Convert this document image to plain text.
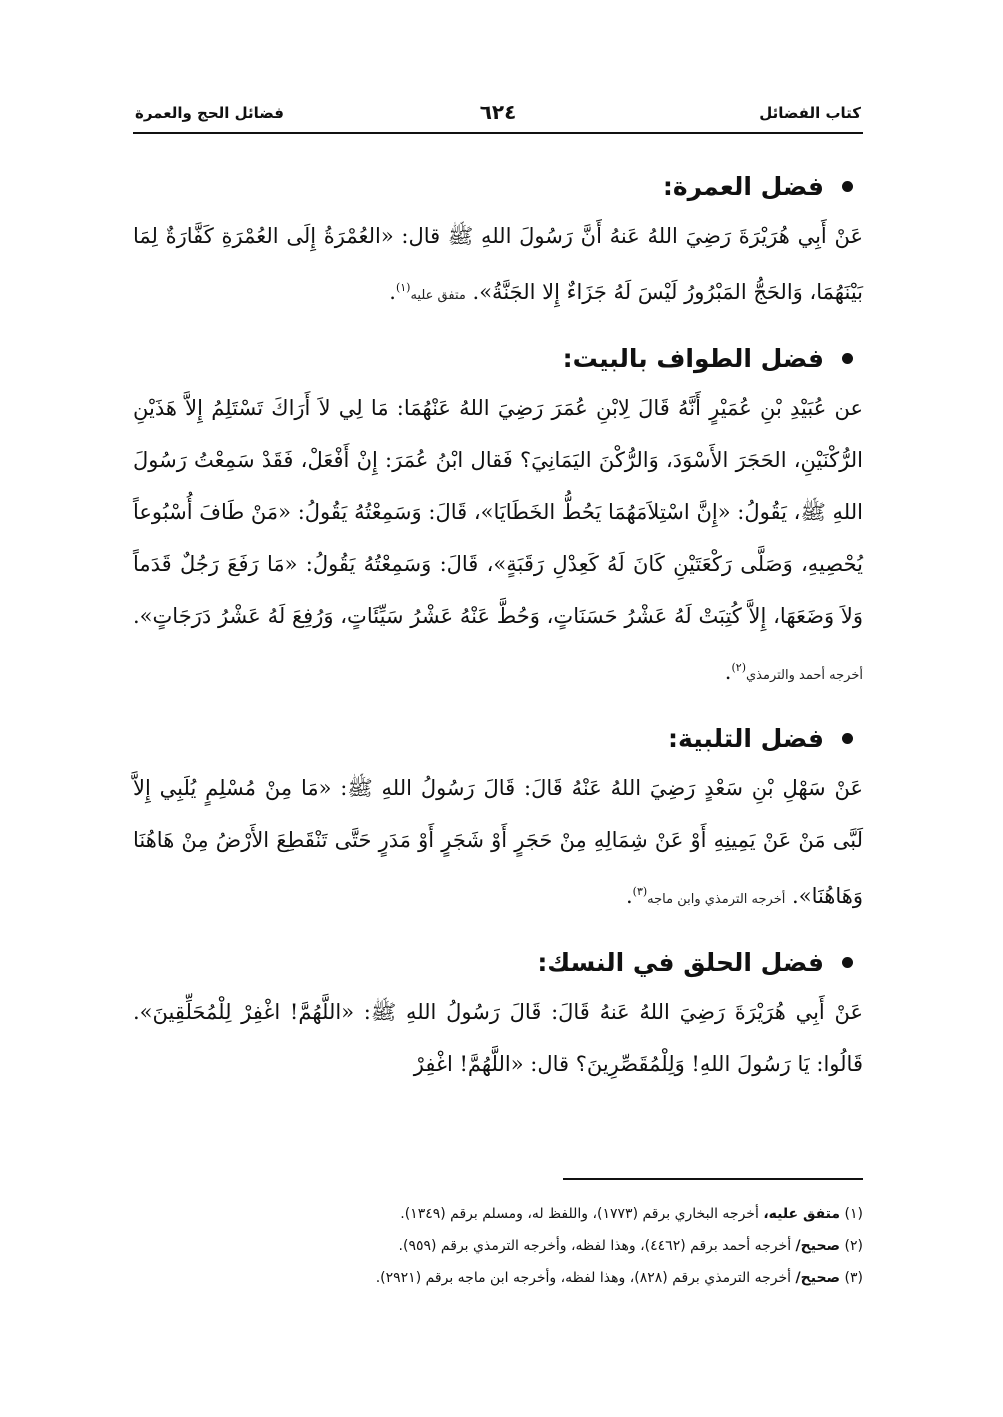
كتاب الفضائل
٦٢٤
فضائل الحج والعمرة
فضل العمرة:

عَنْ أَبِي هُرَيْرَةَ رَضِيَ اللهُ عَنهُ أَنَّ رَسُولَ اللهِ ﷺ قال: «العُمْرَةُ إِلَى العُمْرَةِ كَفَّارَةٌ لِمَا بَيْنَهُمَا، وَالحَجُّ المَبْرُورُ لَيْسَ لَهُ جَزَاءٌ إِلا الجَنَّةُ». متفق عليه$^{(١)}$.

فضل الطواف بالبيت:

عن عُبَيْدِ بْنِ عُمَيْرٍ أَنَّهُ قَالَ لِابْنِ عُمَرَ رَضِيَ اللهُ عَنْهُمَا: مَا لِي لاَ أَرَاكَ تَسْتَلِمُ إِلاَّ هَذَيْنِ الرُّكْنَيْنِ، الحَجَرَ الأَسْوَدَ، وَالرُّكْنَ اليَمَانِيَ؟ فَقال ابْنُ عُمَرَ: إِنْ أَفْعَلْ، فَقَدْ سَمِعْتُ رَسُولَ اللهِ ﷺ، يَقُولُ: «إِنَّ اسْتِلاَمَهُمَا يَحُطُّ الخَطَايَا»، قَالَ: وَسَمِعْتُهُ يَقُولُ: «مَنْ طَافَ أُسْبُوعاً يُحْصِيهِ، وَصَلَّى رَكْعَتَيْنِ كَانَ لَهُ كَعِدْلِ رَقَبَةٍ»، قَالَ: وَسَمِعْتُهُ يَقُولُ: «مَا رَفَعَ رَجُلٌ قَدَماً وَلاَ وَضَعَهَا، إِلاَّ كُتِبَتْ لَهُ عَشْرُ حَسَنَاتٍ، وَحُطَّ عَنْهُ عَشْرُ سَيِّئَاتٍ، وَرُفِعَ لَهُ عَشْرُ دَرَجَاتٍ». أخرجه أحمد والترمذي$^{(٢)}$.

فضل التلبية:

عَنْ سَهْلِ بْنِ سَعْدٍ رَضِيَ اللهُ عَنْهُ قَالَ: قَالَ رَسُولُ اللهِ ﷺ: «مَا مِنْ مُسْلِمٍ يُلَبِي إِلاَّ لَبَّى مَنْ عَنْ يَمِينِهِ أَوْ عَنْ شِمَالِهِ مِنْ حَجَرٍ أَوْ شَجَرٍ أَوْ مَدَرٍ حَتَّى تَنْقَطِعَ الأَرْضُ مِنْ هَاهُنَا وَهَاهُنَا». أخرجه الترمذي وابن ماجه$^{(٣)}$.

فضل الحلق في النسك:

عَنْ أَبِي هُرَيْرَةَ رَضِيَ اللهُ عَنهُ قَالَ: قَالَ رَسُولُ اللهِ ﷺ: «اللَّهُمَّ! اغْفِرْ لِلْمُحَلِّقِينَ». قَالُوا: يَا رَسُولَ اللهِ! وَلِلْمُقَصِّرِينَ؟ قال: «اللَّهُمَّ! اغْفِرْ

(١) متفق عليه، أخرجه البخاري برقم (١٧٧٣)، واللفظ له، ومسلم برقم (١٣٤٩).

(٢) صحيح/ أخرجه أحمد برقم (٤٤٦٢)، وهذا لفظه، وأخرجه الترمذي برقم (٩٥٩).

(٣) صحيح/ أخرجه الترمذي برقم (٨٢٨)، وهذا لفظه، وأخرجه ابن ماجه برقم (٢٩٢١).
